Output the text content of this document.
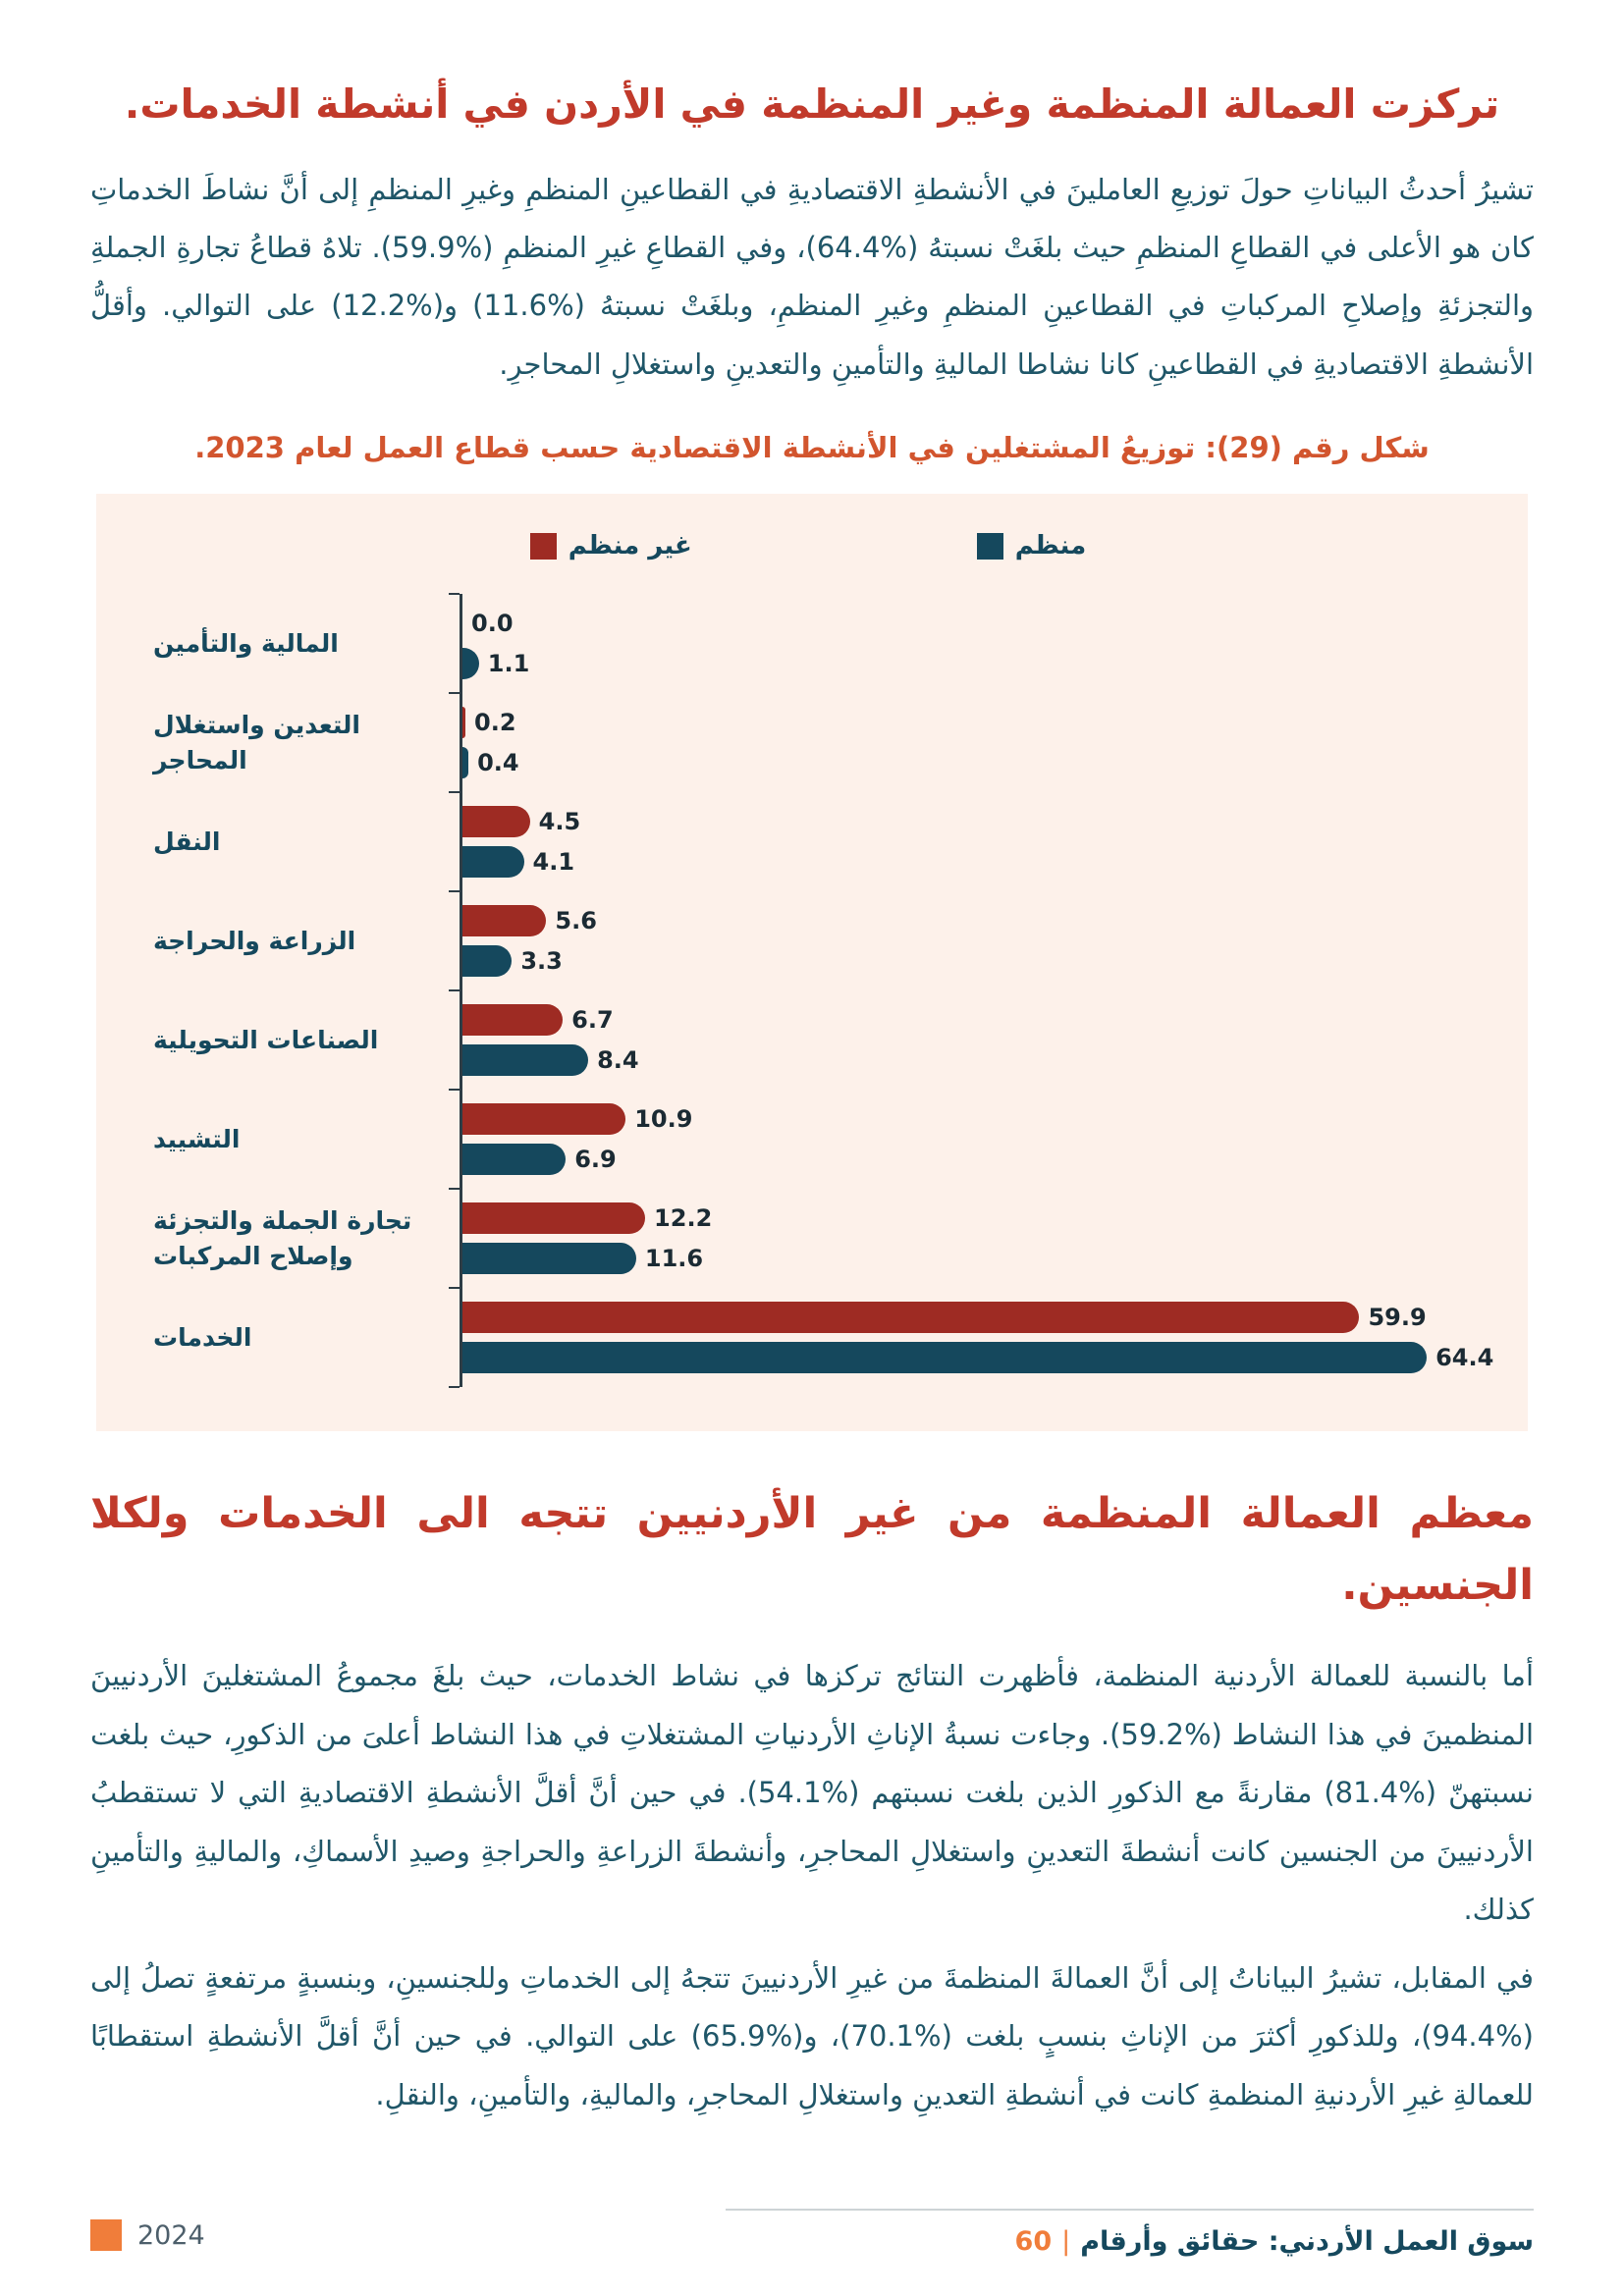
تركزت العمالة المنظمة وغير المنظمة في الأردن في أنشطة الخدمات.

تشيرُ أحدثُ البياناتِ حولَ توزيعِ العاملينَ في الأنشطةِ الاقتصاديةِ في القطاعينِ المنظمِ وغيرِ المنظمِ إلى أنَّ نشاطَ الخدماتِ كان هو الأعلى في القطاعِ المنظمِ حيث بلغَتْ نسبتهُ (%64.4)، وفي القطاعِ غيرِ المنظمِ (%59.9). تلاهُ قطاعُ تجارةِ الجملةِ والتجزئةِ وإصلاحِ المركباتِ في القطاعينِ المنظمِ وغيرِ المنظمِ، وبلغَتْ نسبتهُ (%11.6) و(%12.2) على التوالي. وأقلُّ الأنشطةِ الاقتصاديةِ في القطاعينِ كانا نشاطا الماليةِ والتأمينِ والتعدينِ واستغلالِ المحاجرِ.

شكل رقم (29): توزيعُ المشتغلين في الأنشطة الاقتصادية حسب قطاع العمل لعام 2023.
غير منظم	منظم
المالية والتأمين
0.0
1.1
التعدين واستغلال المحاجر
0.2
0.4
النقل
4.5
4.1
الزراعة والحراجة
5.6
3.3
الصناعات التحويلية
6.7
8.4
التشييد
10.9
6.9
تجارة الجملة والتجزئة وإصلاح المركبات
12.2
11.6
الخدمات
59.9
64.4
معظم العمالة المنظمة من غير الأردنيين تتجه الى الخدمات ولكلا الجنسين.

أما بالنسبة للعمالة الأردنية المنظمة، فأظهرت النتائج تركزها في نشاط الخدمات، حيث بلغَ مجموعُ المشتغلينَ الأردنيينَ المنظمينَ في هذا النشاط (%59.2). وجاءت نسبةُ الإناثِ الأردنياتِ المشتغلاتِ في هذا النشاط أعلىَ من الذكورِ، حيث بلغت نسبتهنّ (%81.4) مقارنةً مع الذكورِ الذين بلغت نسبتهم (%54.1). في حين أنَّ أقلَّ الأنشطةِ الاقتصاديةِ التي لا تستقطبُ الأردنيينَ من الجنسين كانت أنشطةَ التعدينِ واستغلالِ المحاجرِ، وأنشطةَ الزراعةِ والحراجةِ وصيدِ الأسماكِ، والماليةِ والتأمينِ كذلك.

في المقابل، تشيرُ البياناتُ إلى أنَّ العمالةَ المنظمةَ من غيرِ الأردنيينَ تتجهُ إلى الخدماتِ وللجنسينِ، وبنسبةٍ مرتفعةٍ تصلُ إلى (%94.4)، وللذكورِ أكثرَ من الإناثِ بنسبٍ بلغت (%70.1)، و(%65.9) على التوالي. في حين أنَّ أقلَّ الأنشطةِ استقطابًا للعمالةِ غيرِ الأردنيةِ المنظمةِ كانت في أنشطةِ التعدينِ واستغلالِ المحاجرِ، والماليةِ، والتأمينِ، والنقلِ.

2024	60 | سوق العمل الأردني: حقائق وأرقام
